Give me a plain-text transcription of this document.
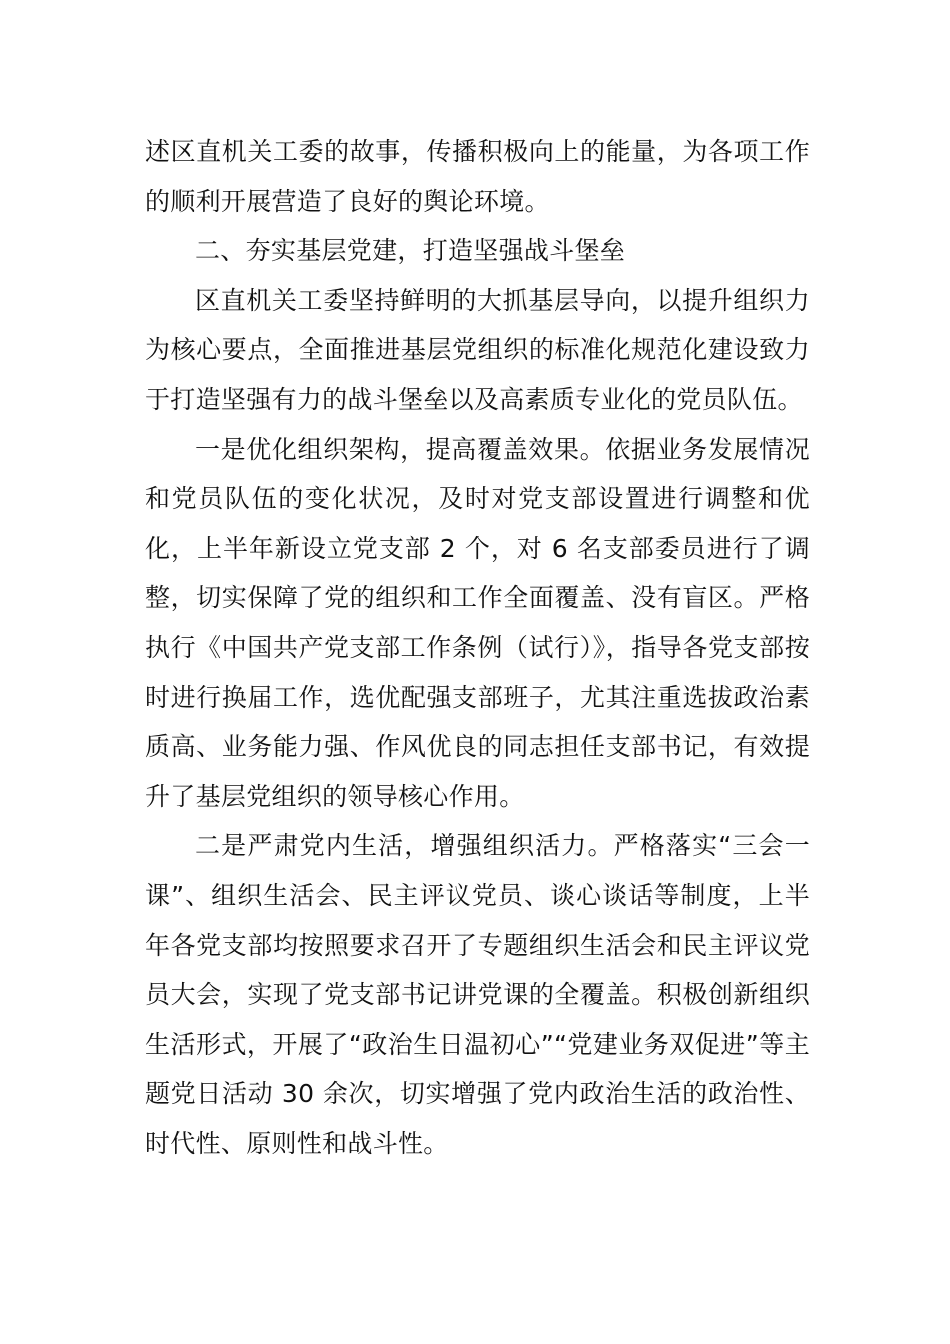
述区直机关工委的故事，传播积极向上的能量，为各项工作的顺利开展营造了良好的舆论环境。

二、夯实基层党建，打造坚强战斗堡垒

区直机关工委坚持鲜明的大抓基层导向，以提升组织力为核心要点，全面推进基层党组织的标准化规范化建设致力于打造坚强有力的战斗堡垒以及高素质专业化的党员队伍。

一是优化组织架构，提高覆盖效果。依据业务发展情况和党员队伍的变化状况，及时对党支部设置进行调整和优化，上半年新设立党支部 2 个，对 6 名支部委员进行了调整，切实保障了党的组织和工作全面覆盖、没有盲区。严格执行《中国共产党支部工作条例（试行）》，指导各党支部按时进行换届工作，选优配强支部班子，尤其注重选拔政治素质高、业务能力强、作风优良的同志担任支部书记，有效提升了基层党组织的领导核心作用。

二是严肃党内生活，增强组织活力。严格落实“三会一课”、组织生活会、民主评议党员、谈心谈话等制度，上半年各党支部均按照要求召开了专题组织生活会和民主评议党员大会，实现了党支部书记讲党课的全覆盖。积极创新组织生活形式，开展了“政治生日温初心”“党建业务双促进”等主题党日活动 30 余次，切实增强了党内政治生活的政治性、时代性、原则性和战斗性。
